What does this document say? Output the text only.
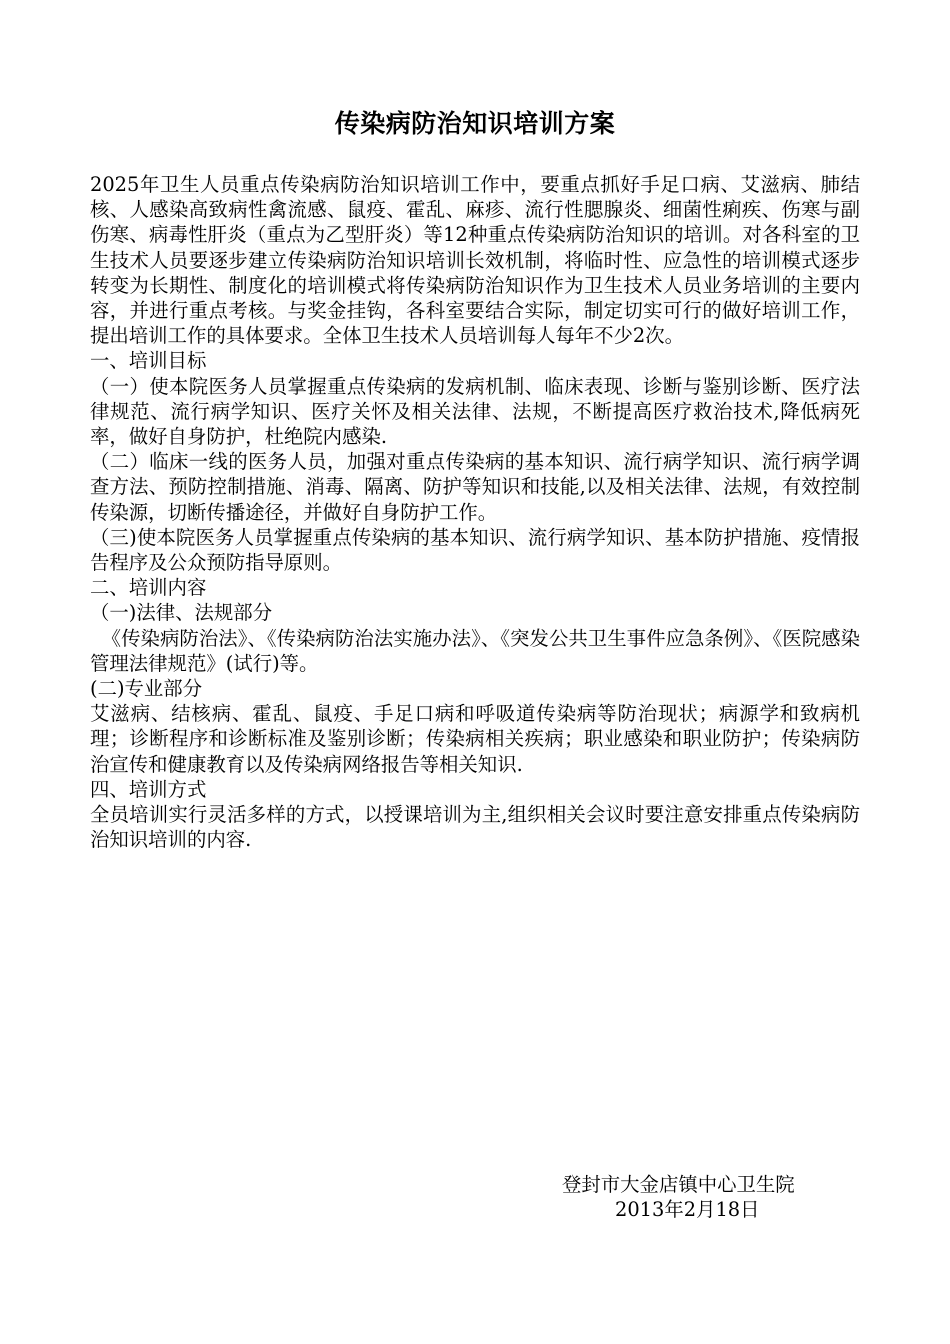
传染病防治知识培训方案

2025年卫生人员重点传染病防治知识培训工作中，要重点抓好手足口病、艾滋病、肺结核、人感染高致病性禽流感、鼠疫、霍乱、麻疹、流行性腮腺炎、细菌性痢疾、伤寒与副伤寒、病毒性肝炎（重点为乙型肝炎）等12种重点传染病防治知识的培训。对各科室的卫生技术人员要逐步建立传染病防治知识培训长效机制，将临时性、应急性的培训模式逐步转变为长期性、制度化的培训模式将传染病防治知识作为卫生技术人员业务培训的主要内容，并进行重点考核。与奖金挂钩，各科室要结合实际，制定切实可行的做好培训工作，提出培训工作的具体要求。全体卫生技术人员培训每人每年不少2次。

一、培训目标

（一）使本院医务人员掌握重点传染病的发病机制、临床表现、诊断与鉴别诊断、医疗法律规范、流行病学知识、医疗关怀及相关法律、法规，不断提高医疗救治技术,降低病死率，做好自身防护，杜绝院内感染.

（二）临床一线的医务人员，加强对重点传染病的基本知识、流行病学知识、流行病学调查方法、预防控制措施、消毒、隔离、防护等知识和技能,以及相关法律、法规，有效控制传染源，切断传播途径，并做好自身防护工作。

（三)使本院医务人员掌握重点传染病的基本知识、流行病学知识、基本防护措施、疫情报告程序及公众预防指导原则。

二、培训内容

（一)法律、法规部分

《传染病防治法》、《传染病防治法实施办法》、《突发公共卫生事件应急条例》、《医院感染管理法律规范》(试行)等。

(二)专业部分

艾滋病、结核病、霍乱、鼠疫、手足口病和呼吸道传染病等防治现状；病源学和致病机理；诊断程序和诊断标准及鉴别诊断；传染病相关疾病；职业感染和职业防护；传染病防治宣传和健康教育以及传染病网络报告等相关知识.

四、培训方式

全员培训实行灵活多样的方式，以授课培训为主,组织相关会议时要注意安排重点传染病防治知识培训的内容.

登封市大金店镇中心卫生院
2013年2月18日
